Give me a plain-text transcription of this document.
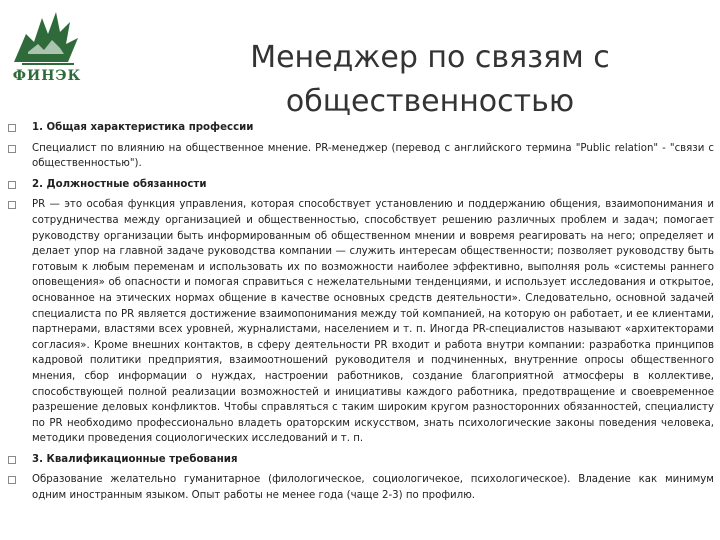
ФИНЭК
Менеджер по связям с общественностью
1. Общая характеристика профессии
Специалист по влиянию на общественное мнение. PR-менеджер (перевод с английского термина "Public relation" - "связи с общественностью").
2. Должностные обязанности
PR — это особая функция управления, которая способствует установлению и поддержанию общения, взаимопонимания и сотрудничества между организацией и общественностью, способствует решению различных проблем и задач; помогает руководству организации быть информированным об общественном мнении и вовремя реагировать на него; определяет и делает упор на главной задаче руководства компании — служить интересам общественности; позволяет руководству быть готовым к любым переменам и использовать их по возможности наиболее эффективно, выполняя роль «системы раннего оповещения» об опасности и помогая справиться с нежелательными тенденциями, и использует исследования и открытое, основанное на этических нормах общение в качестве основных средств деятельности». Следовательно, основной задачей специалиста по PR является достижение взаимопонимания между той компанией, на которую он работает, и ее клиентами, партнерами, властями всех уровней, журналистами, населением и т. п. Иногда PR-специалистов называют «архитекторами согласия». Кроме внешних контактов, в сферу деятельности PR входит и работа внутри компании: разработка принципов кадровой политики предприятия, взаимоотношений руководителя и подчиненных, внутренние опросы общественного мнения, сбор информации о нуждах, настроении работников, создание благоприятной атмосферы в коллективе, способствующей полной реализации возможностей и инициативы каждого работника, предотвращение и своевременное разрешение деловых конфликтов. Чтобы справляться с таким широким кругом разносторонних обязанностей, специалисту по PR необходимо профессионально владеть ораторским искусством, знать психологические законы поведения человека, методики проведения социологических исследований и т. п.
3. Квалификационные требования
Образование желательно гуманитарное (филологическое, социологичекое, психологическое). Владение как минимум одним иностранным языком. Опыт работы не менее года (чаще 2-3) по профилю.
